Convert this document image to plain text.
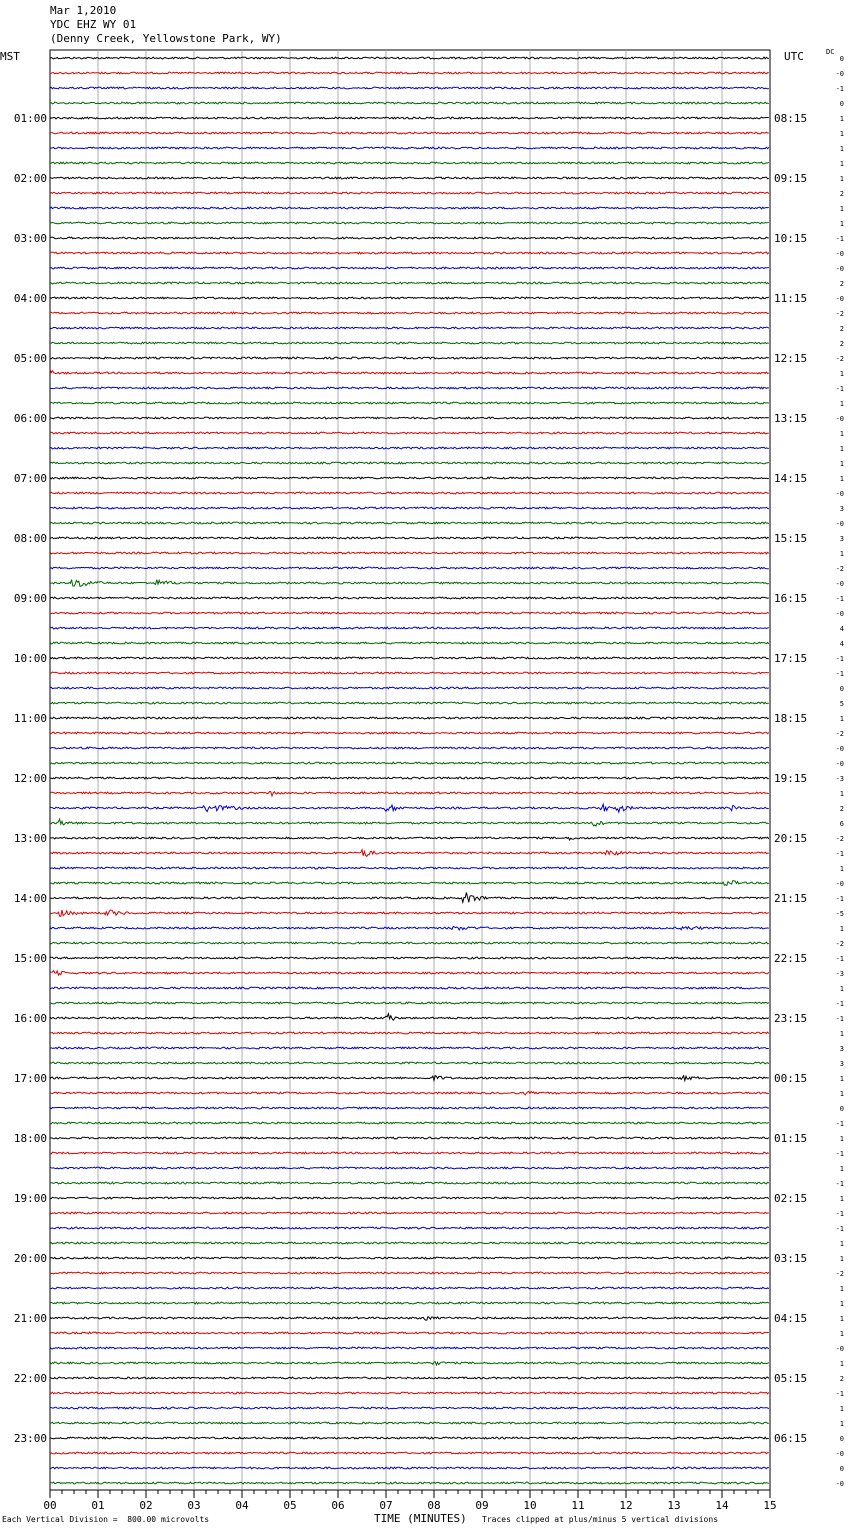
Mar 1,2010
YDC EHZ WY 01
(Denny Creek, Yellowstone Park, WY)
MST	UTC	DC
0
-0
-1
0
1
1
1
1
1
2
1
1
-1
-0
-0
2
-0
-2
2
2
-2
1
-1
1
-0
1
1
1
1
-0
3
-0
3
1
-2
-0
-1
-0
4
4
-1
-1
0
5
1
-2
-0
-0
-3
1
2
6
-2
-1
1
-0
-1
-5
1
-2
-1
-3
1
-1
-1
1
3
3
1
1
0
-1
1
-1
1
-1
1
-1
-1
1
1
-2
1
1
1
1
-0
1
2
-1
1
1
0
-0
0
-0
01:00
02:00
03:00
04:00
05:00
06:00
07:00
08:00
09:00
10:00
11:00
12:00
13:00
14:00
15:00
16:00
17:00
18:00
19:00
20:00
21:00
22:00
23:00
08:15
09:15
10:15
11:15
12:15
13:15
14:15
15:15
16:15
17:15
18:15
19:15
20:15
21:15
22:15
23:15
00:15
01:15
02:15
03:15
04:15
05:15
06:15
00	01	02	03	04	05	06	07	08	09	10	11	12	13	14	15
Each Vertical Division =  800.00 microvolts	TIME (MINUTES) Traces clipped at plus/minus 5 vertical divisions
